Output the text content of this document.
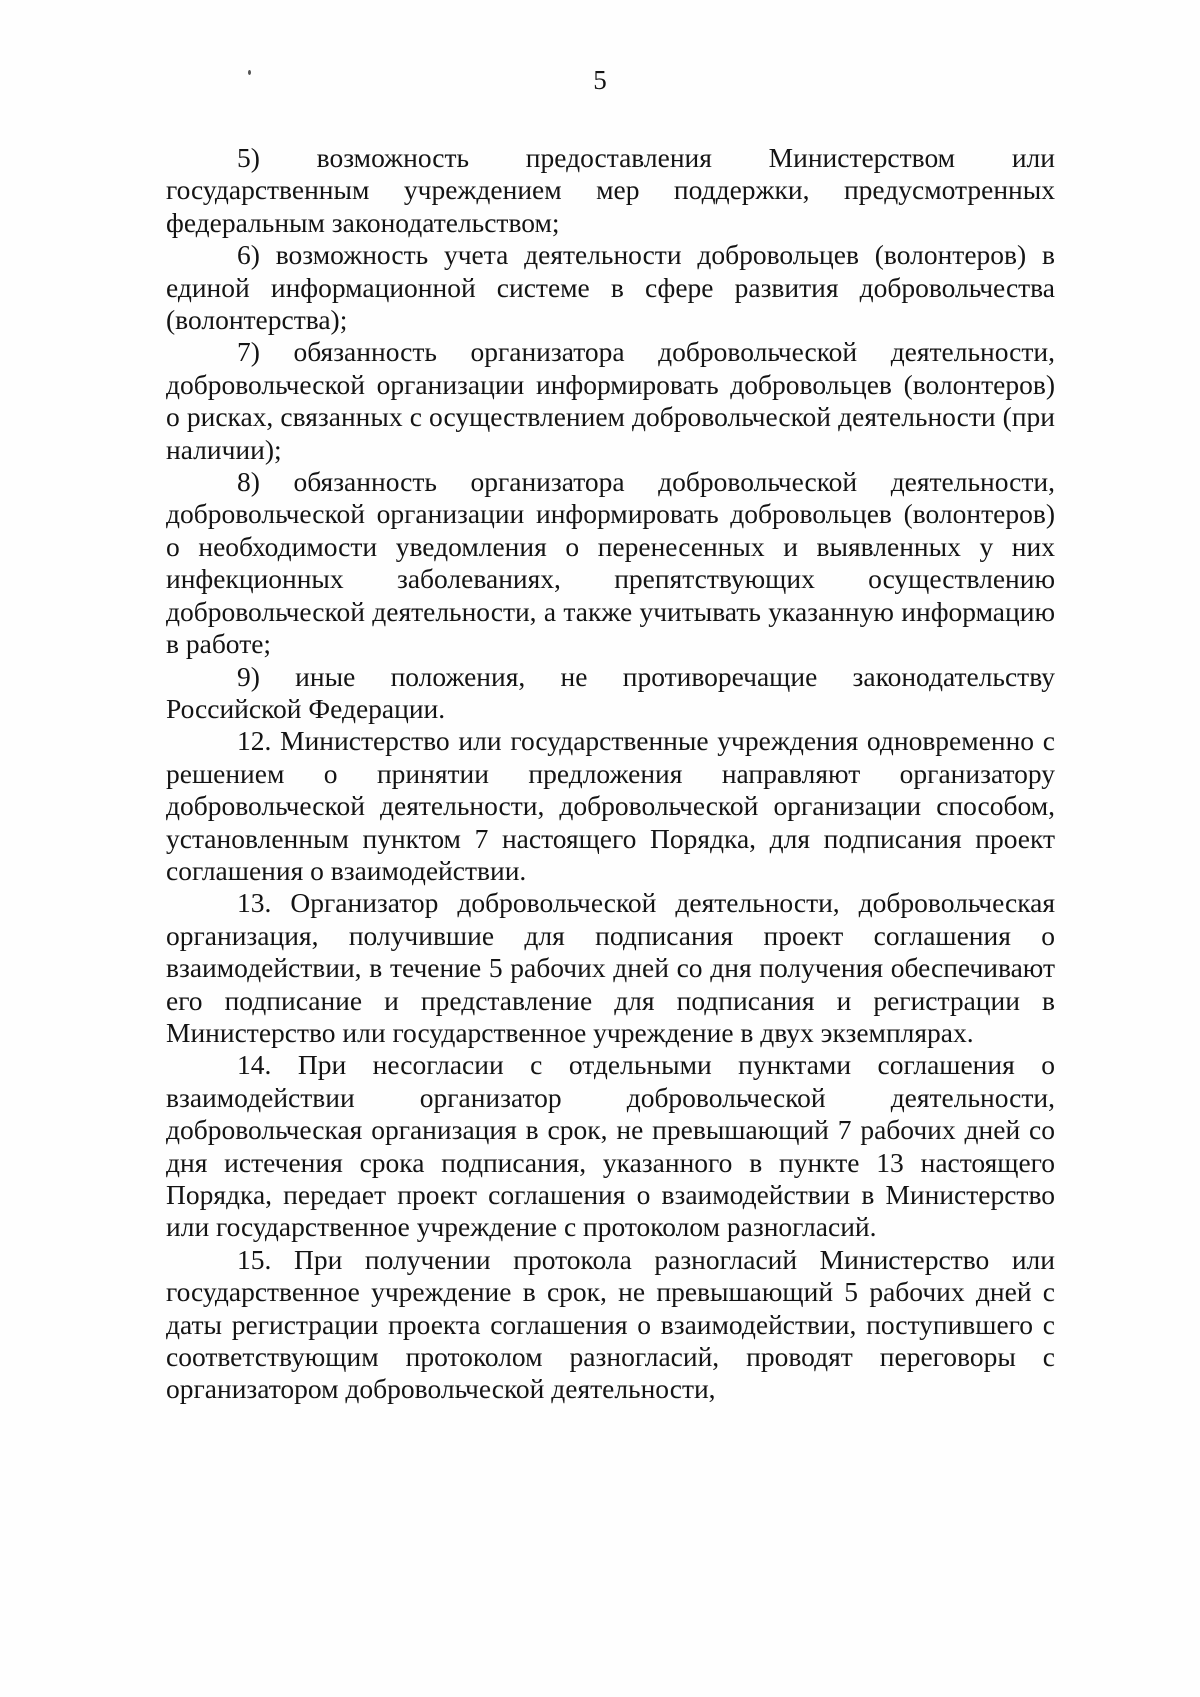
5

5) возможность предоставления Министерством или государственным учреждением мер поддержки, предусмотренных федеральным законодательством;

6) возможность учета деятельности добровольцев (волонтеров) в единой информационной системе в сфере развития добровольчества (волонтерства);

7) обязанность организатора добровольческой деятельности, добровольческой организации информировать добровольцев (волонтеров) о рисках, связанных с осуществлением добровольческой деятельности (при наличии);

8) обязанность организатора добровольческой деятельности, добровольческой организации информировать добровольцев (волонтеров) о необходимости уведомления о перенесенных и выявленных у них инфекционных заболеваниях, препятствующих осуществлению добровольческой деятельности, а также учитывать указанную информацию в работе;

9) иные положения, не противоречащие законодательству Российской Федерации.

12. Министерство или государственные учреждения одновременно с решением о принятии предложения направляют организатору добровольческой деятельности, добровольческой организации способом, установленным пунктом 7 настоящего Порядка, для подписания проект соглашения о взаимодействии.

13. Организатор добровольческой деятельности, добровольческая организация, получившие для подписания проект соглашения о взаимодействии, в течение 5 рабочих дней со дня получения обеспечивают его подписание и представление для подписания и регистрации в Министерство или государственное учреждение в двух экземплярах.

14. При несогласии с отдельными пунктами соглашения о взаимодействии организатор добровольческой деятельности, добровольческая организация в срок, не превышающий 7 рабочих дней со дня истечения срока подписания, указанного в пункте 13 настоящего Порядка, передает проект соглашения о взаимодействии в Министерство или государственное учреждение с протоколом разногласий.

15. При получении протокола разногласий Министерство или государственное учреждение в срок, не превышающий 5 рабочих дней с даты регистрации проекта соглашения о взаимодействии, поступившего с соответствующим протоколом разногласий, проводят переговоры с организатором добровольческой деятельности,
